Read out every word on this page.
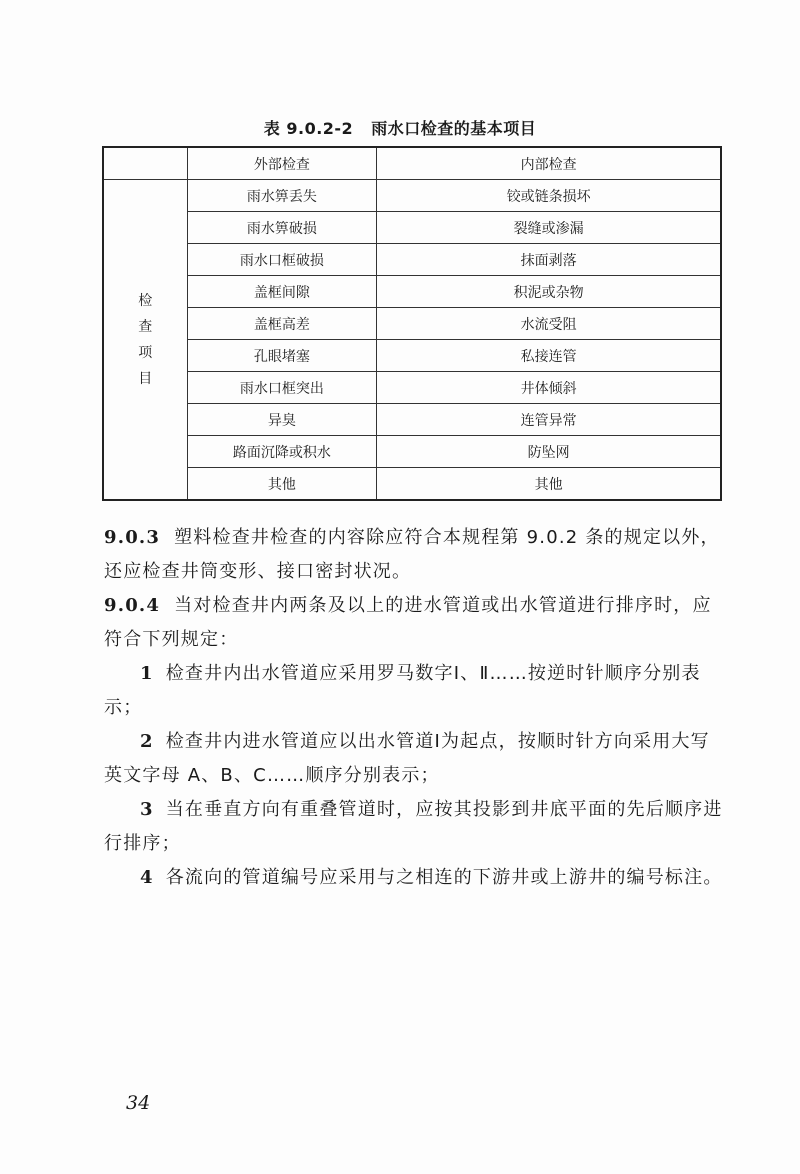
表 9.0.2-2 雨水口检查的基本项目
	外部检查	内部检查

检
查
项
目	雨水箅丢失	铰或链条损坏
	雨水箅破损	裂缝或渗漏
	雨水口框破损	抹面剥落
	盖框间隙	积泥或杂物
	盖框高差	水流受阻
	孔眼堵塞	私接连管
	雨水口框突出	井体倾斜
	异臭	连管异常
	路面沉降或积水	防坠网
	其他	其他
9.0.3 塑料检查井检查的内容除应符合本规程第 9.0.2 条的规定以外，还应检查井筒变形、接口密封状况。
9.0.4 当对检查井内两条及以上的进水管道或出水管道进行排序时，应符合下列规定：
1 检查井内出水管道应采用罗马数字Ⅰ、Ⅱ……按逆时针顺序分别表示；
2 检查井内进水管道应以出水管道Ⅰ为起点，按顺时针方向采用大写英文字母 A、B、C……顺序分别表示；
3 当在垂直方向有重叠管道时，应按其投影到井底平面的先后顺序进行排序；
4 各流向的管道编号应采用与之相连的下游井或上游井的编号标注。
34
